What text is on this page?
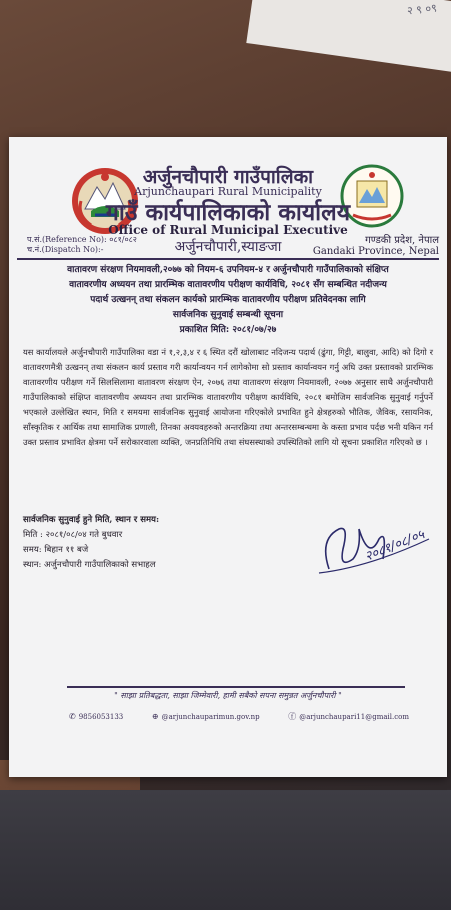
२ ९ ०९
अर्जुनचौपारी गाउँपालिका
Arjunchaupari Rural Municipality
गाउँ कार्यपालिकाको कार्यालय
Office of Rural Municipal Executive
अर्जुनचौपारी,स्याङजा
प.सं.(Reference No): ०८१/०८२
च.नं.(Dispatch No):-
गण्डकी प्रदेश, नेपाल
Gandaki Province, Nepal
वातावरण संरक्षण नियमावली,२०७७ को नियम-६ उपनियम-४ र अर्जुनचौपारी गाउँपालिकाको संक्षिप्त
वातावरणीय अध्ययन तथा प्रारम्भिक वातावरणीय परीक्षण कार्यविधि, २०८१ सँग सम्बन्धित नदीजन्य
पदार्थ उत्खनन् तथा संकलन कार्यको प्रारम्भिक वातावरणीय परीक्षण प्रतिवेदनका लागि
सार्वजनिक सुनुवाई सम्बन्धी सूचना
प्रकाशित मिति: २०८१/०७/२७
यस कार्यालयले अर्जुनचौपारी गाउँपालिका वडा नं १,२,३,४ र ६ स्थित दरौं खोलाबाट नदिजन्य पदार्थ (ढुंगा, गिट्टी, बालुवा, आदि) को दिगो र वातावरणमैत्री उत्खनन् तथा संकलन कार्य प्रस्ताव गरी कार्यान्वयन गर्न लागेकोमा सो प्रस्ताव कार्यान्वयन गर्नु अघि उक्त प्रस्तावको प्रारम्भिक वातावरणीय परीक्षण गर्ने सिलसिलामा वातावरण संरक्षण ऐन, २०७६ तथा वातावरण संरक्षण नियमावली, २०७७ अनुसार साथै अर्जुनचौपारी गाउँपालिकाको संक्षिप्त वातावरणीय अध्ययन तथा प्रारम्भिक वातावरणीय परीक्षण कार्यविधि, २०८१ बमोजिम सार्वजनिक सुनुवाई गर्नुपर्ने भएकाले उल्लेखित स्थान, मिति र समयमा सार्वजनिक सुनुवाई आयोजना गरिएकोले प्रभावित हुने क्षेत्रहरुको भौतिक, जैविक, रसायनिक, साँस्कृतिक र आर्थिक तथा सामाजिक प्रणाली, तिनका अवयवहरुको अन्तरक्रिया तथा अन्तरसम्बन्धमा के कस्ता प्रभाव पर्दछ भनी यकिन गर्न उक्त प्रस्ताव प्रभावित क्षेत्रमा पर्ने सरोकारवाला व्यक्ति, जनप्रतिनिधि तथा संघसस्थाको उपस्थितिको लागि यो सूचना प्रकाशित गरिएको छ ।
सार्वजनिक सुनुवाई हुने मिति, स्थान र समय:
मिति : २०८१/०८/०४ गते बुधवार
समय: बिहान ११ बजे
स्थान: अर्जुनचौपारी गाउँपालिकाको सभाहल
२०८१/०८/०५
" साझा प्रतिबद्धता, साझा जिम्मेवारी, हामी सबैको सपना समुन्नत अर्जुनचौपारी "
✆ 9856053133	⊕ @arjunchauparimun.gov.np	ⓕ @arjunchaupari11@gmail.com
